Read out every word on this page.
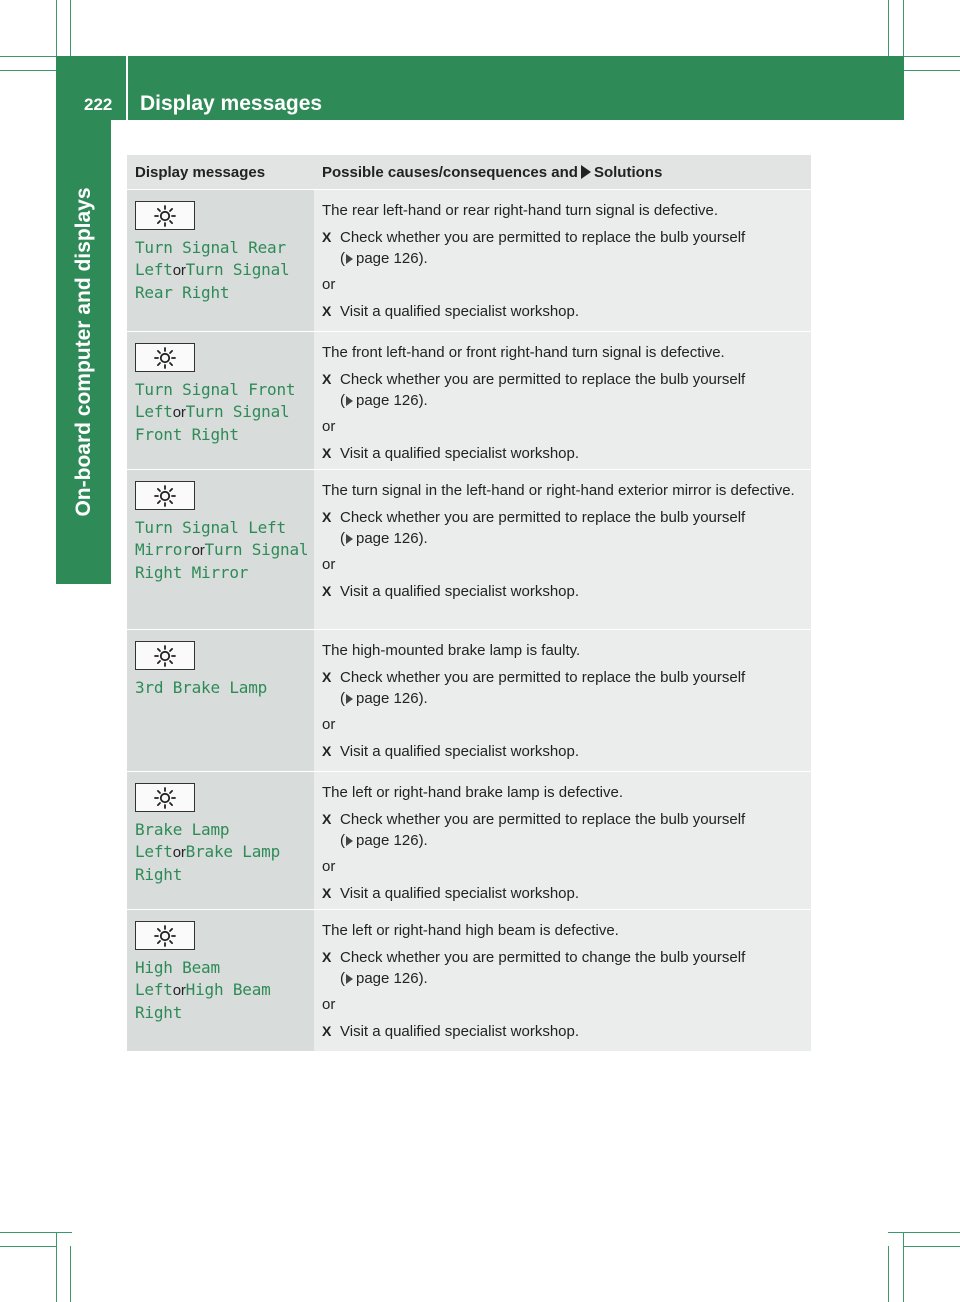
222 Display messages
On-board computer and displays
Display messages	Possible causes/consequences and Solutions
Turn Signal Rear LeftorTurn Signal Rear Right

The rear left-hand or rear right-hand turn signal is defective.

X Check whether you are permitted to replace the bulb yourself
( page 126).
or
X Visit a qualified specialist workshop.
Turn Signal Front LeftorTurn Signal Front Right

The front left-hand or front right-hand turn signal is defective.

X Check whether you are permitted to replace the bulb yourself
( page 126).
or
X Visit a qualified specialist workshop.
Turn Signal Left MirrororTurn Signal Right Mirror

The turn signal in the left-hand or right-hand exterior mirror is defective.

X Check whether you are permitted to replace the bulb yourself
( page 126).
or
X Visit a qualified specialist workshop.
3rd Brake Lamp

The high-mounted brake lamp is faulty.

X Check whether you are permitted to replace the bulb yourself
( page 126).
or
X Visit a qualified specialist workshop.
Brake Lamp LeftorBrake Lamp Right

The left or right-hand brake lamp is defective.

X Check whether you are permitted to replace the bulb yourself
( page 126).
or
X Visit a qualified specialist workshop.
High Beam LeftorHigh Beam Right

The left or right-hand high beam is defective.

X Check whether you are permitted to change the bulb yourself
( page 126).
or
X Visit a qualified specialist workshop.
